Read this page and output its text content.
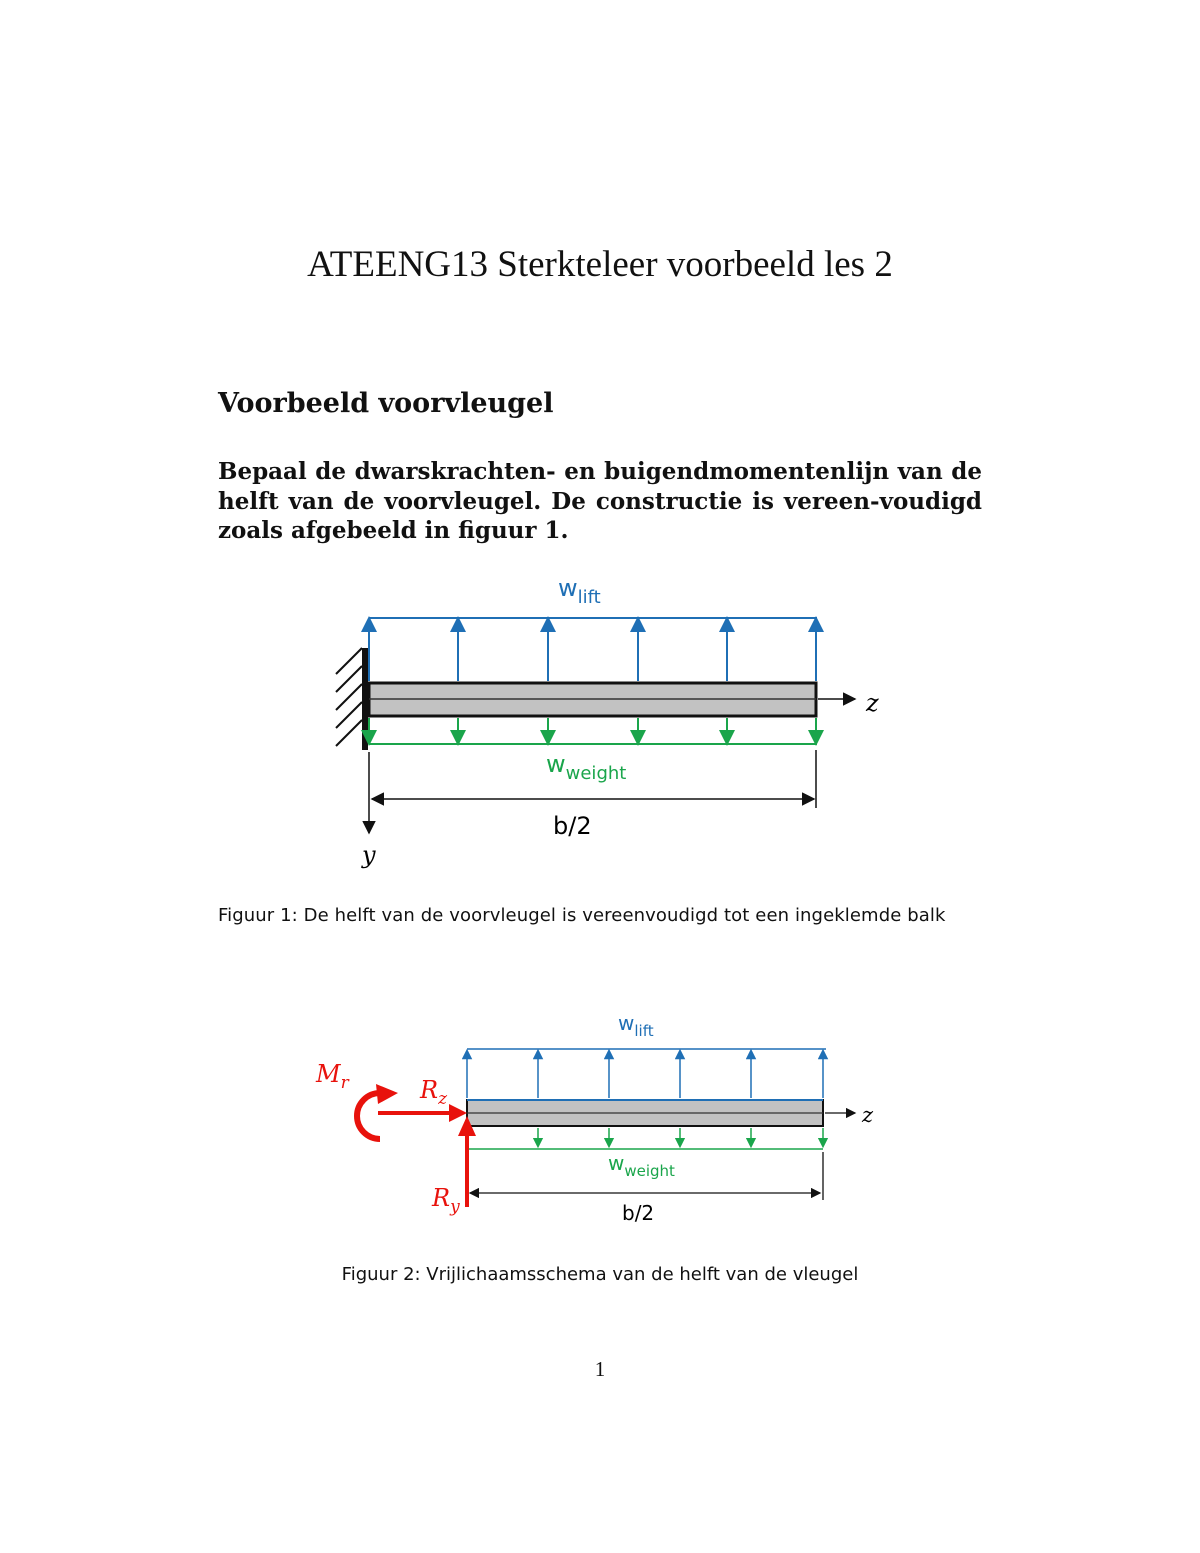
ATEENG13 Sterkteleer voorbeeld les 2
Voorbeeld voorvleugel

Bepaal de dwarskrachten- en buigendmomentenlijn van de helft van de voorvleugel. De constructie is vereen-voudigd zoals afgebeeld in figuur 1.

$w_{lift}$
$w_{weight}$
z
y
b/2

Figuur 1: De helft van de voorvleugel is vereenvoudigd tot een ingeklemde balk

$w_{lift}$
$w_{weight}$
z
b/2
$M_r$	$R_z$
$R_y$

Figuur 2: Vrijlichaamsschema van de helft van de vleugel

1
